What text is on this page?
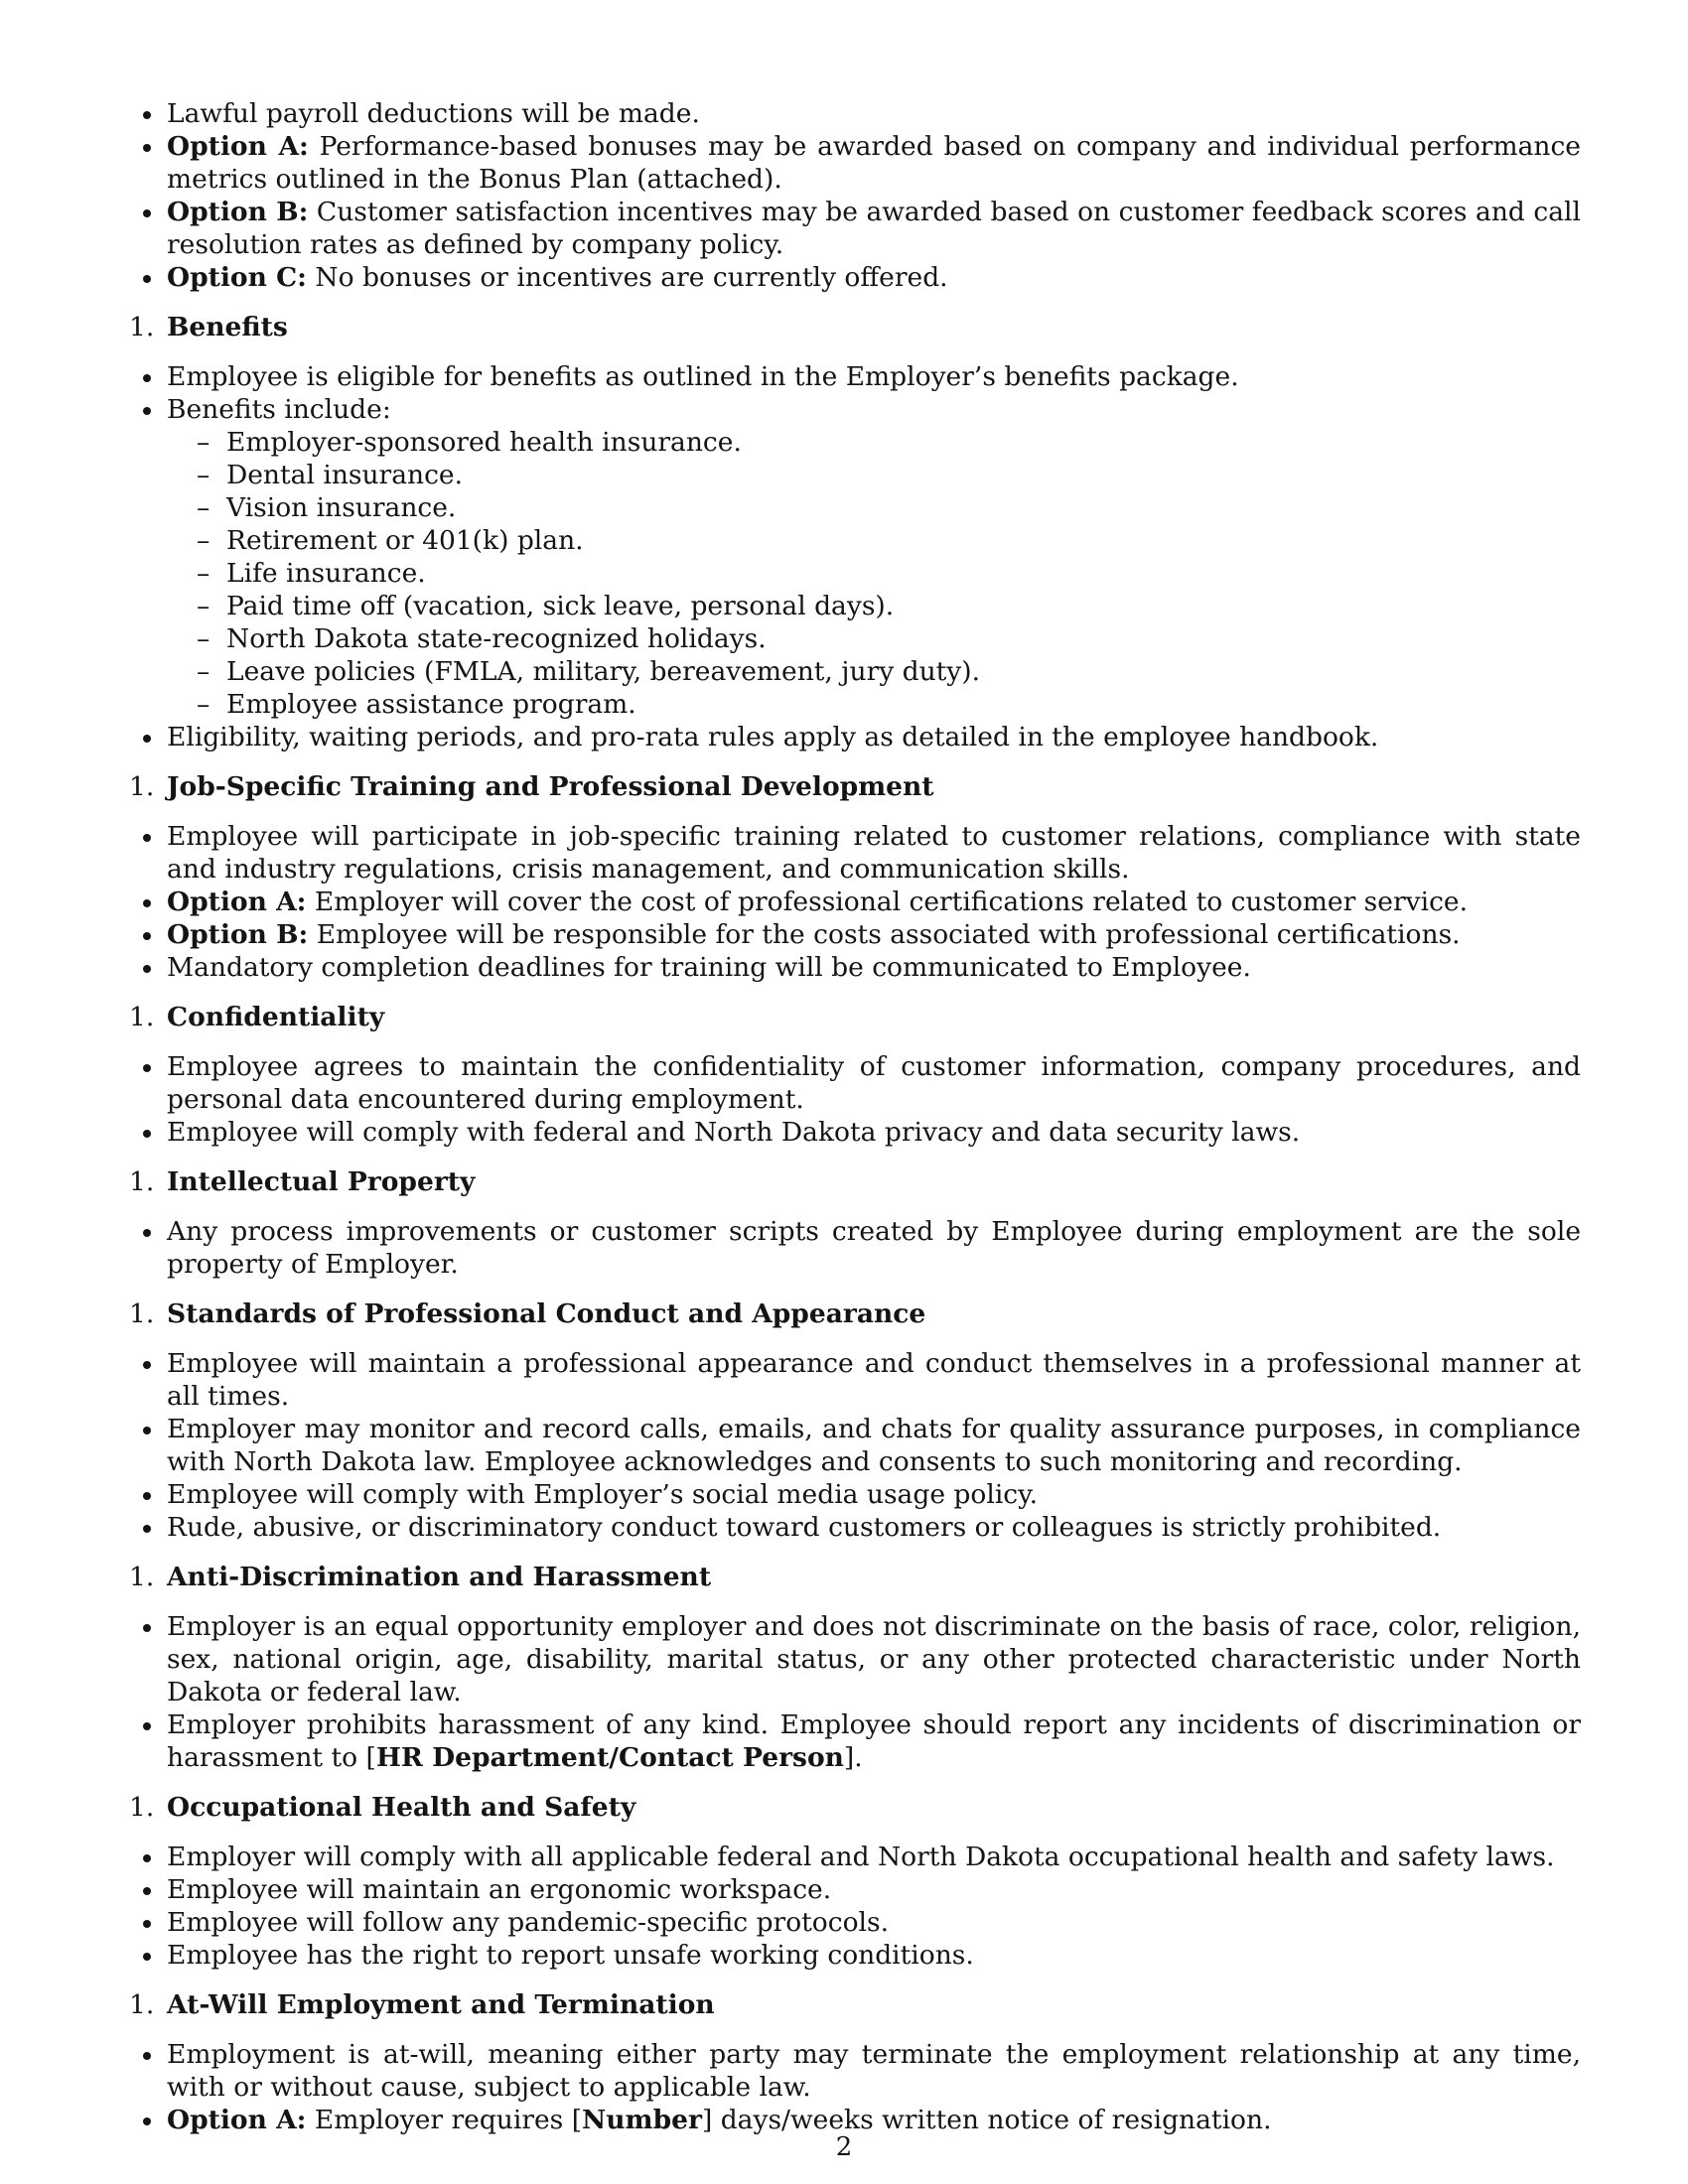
Lawful payroll deductions will be made.
Option A: Performance-based bonuses may be awarded based on company and individual performance metrics outlined in the Bonus Plan (attached).
Option B: Customer satisfaction incentives may be awarded based on customer feedback scores and call resolution rates as defined by company policy.
Option C: No bonuses or incentives are currently offered.
1. Benefits
Employee is eligible for benefits as outlined in the Employer’s benefits package.
Benefits include:
– Employer-sponsored health insurance.
– Dental insurance.
– Vision insurance.
– Retirement or 401(k) plan.
– Life insurance.
– Paid time off (vacation, sick leave, personal days).
– North Dakota state-recognized holidays.
– Leave policies (FMLA, military, bereavement, jury duty).
– Employee assistance program.
Eligibility, waiting periods, and pro-rata rules apply as detailed in the employee handbook.
1. Job-Specific Training and Professional Development
Employee will participate in job-specific training related to customer relations, compliance with state and industry regulations, crisis management, and communication skills.
Option A: Employer will cover the cost of professional certifications related to customer service.
Option B: Employee will be responsible for the costs associated with professional certifications.
Mandatory completion deadlines for training will be communicated to Employee.
1. Confidentiality
Employee agrees to maintain the confidentiality of customer information, company procedures, and personal data encountered during employment.
Employee will comply with federal and North Dakota privacy and data security laws.
1. Intellectual Property
Any process improvements or customer scripts created by Employee during employment are the sole property of Employer.
1. Standards of Professional Conduct and Appearance
Employee will maintain a professional appearance and conduct themselves in a professional manner at all times.
Employer may monitor and record calls, emails, and chats for quality assurance purposes, in compliance with North Dakota law. Employee acknowledges and consents to such monitoring and recording.
Employee will comply with Employer’s social media usage policy.
Rude, abusive, or discriminatory conduct toward customers or colleagues is strictly prohibited.
1. Anti-Discrimination and Harassment
Employer is an equal opportunity employer and does not discriminate on the basis of race, color, religion, sex, national origin, age, disability, marital status, or any other protected characteristic under North Dakota or federal law.
Employer prohibits harassment of any kind. Employee should report any incidents of discrimination or harassment to [HR Department/Contact Person].
1. Occupational Health and Safety
Employer will comply with all applicable federal and North Dakota occupational health and safety laws.
Employee will maintain an ergonomic workspace.
Employee will follow any pandemic-specific protocols.
Employee has the right to report unsafe working conditions.
1. At-Will Employment and Termination
Employment is at-will, meaning either party may terminate the employment relationship at any time, with or without cause, subject to applicable law.
Option A: Employer requires [Number] days/weeks written notice of resignation.
2
